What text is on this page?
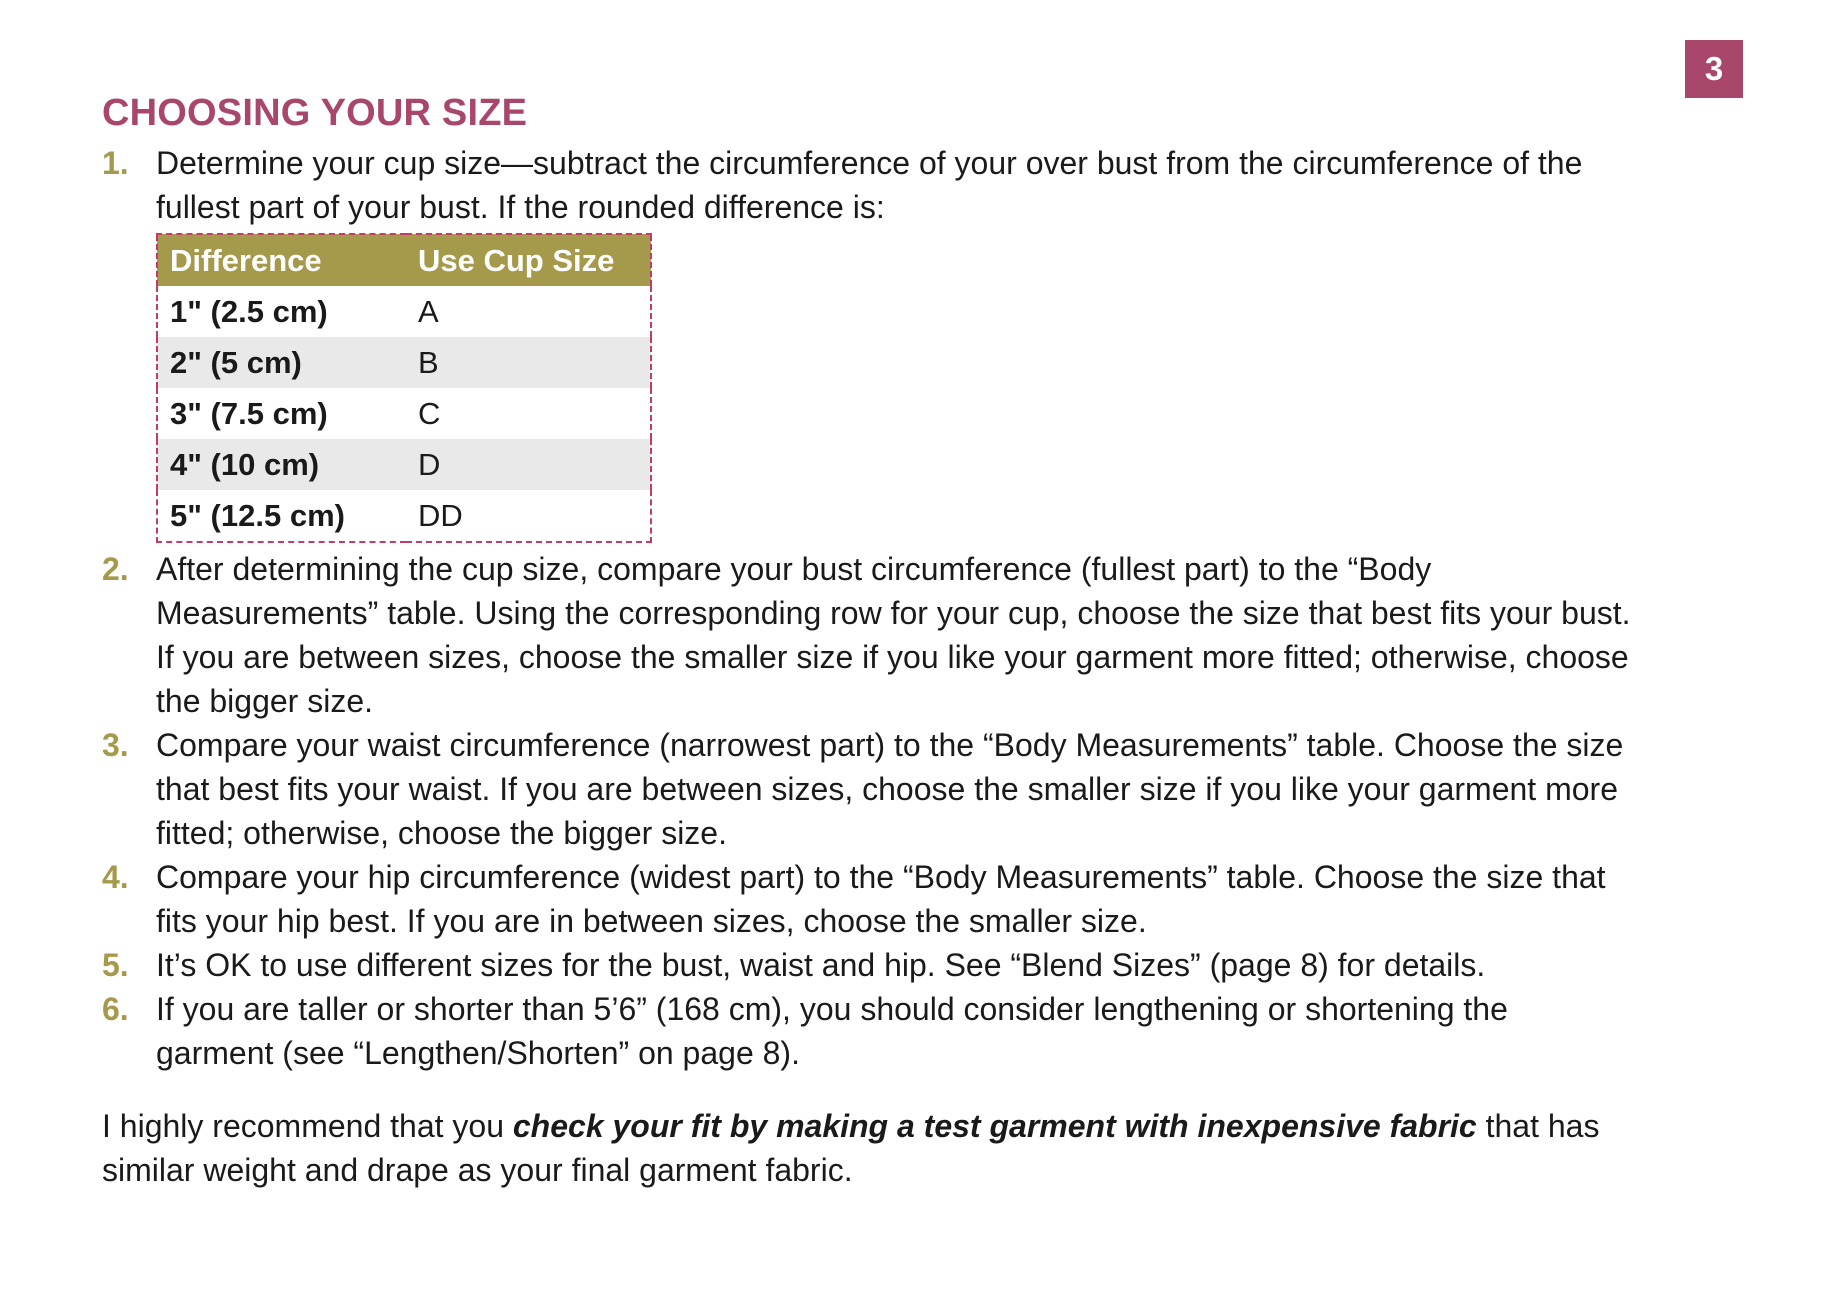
3
CHOOSING YOUR SIZE
1. Determine your cup size—subtract the circumference of your over bust from the circumference of the
fullest part of your bust. If the rounded difference is:
Difference	Use Cup Size
1" (2.5 cm)	A
2" (5 cm)	B
3" (7.5 cm)	C
4" (10 cm)	D
5" (12.5 cm)	DD
2. After determining the cup size, compare your bust circumference (fullest part) to the “Body
Measurements” table. Using the corresponding row for your cup, choose the size that best fits your bust.
If you are between sizes, choose the smaller size if you like your garment more fitted; otherwise, choose
the bigger size.
3. Compare your waist circumference (narrowest part) to the “Body Measurements” table. Choose the size
that best fits your waist. If you are between sizes, choose the smaller size if you like your garment more
fitted; otherwise, choose the bigger size.
4. Compare your hip circumference (widest part) to the “Body Measurements” table. Choose the size that
fits your hip best. If you are in between sizes, choose the smaller size.
5. It’s OK to use different sizes for the bust, waist and hip. See “Blend Sizes” (page 8) for details.
6. If you are taller or shorter than 5’6” (168 cm), you should consider lengthening or shortening the
garment (see “Lengthen/Shorten” on page 8).

I highly recommend that you check your fit by making a test garment with inexpensive fabric that has
similar weight and drape as your final garment fabric.
